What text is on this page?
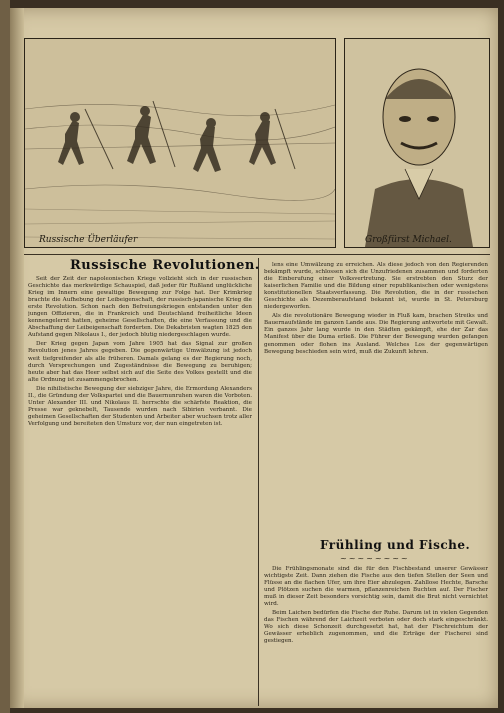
Russische Überläufer	Großfürst Michael.
Russische Revolutionen.

Seit der Zeit der napoleonischen Kriege vollzieht sich in der russischen Geschichte das merkwürdige Schauspiel, daß jeder für Rußland unglückliche Krieg im Innern eine gewaltige Bewegung zur Folge hat. Der Krimkrieg brachte die Aufhebung der Leibeigenschaft, der russisch-japanische Krieg die erste Revolution. Schon nach den Befreiungskriegen entstanden unter den jungen Offizieren, die in Frankreich und Deutschland freiheitliche Ideen kennengelernt hatten, geheime Gesellschaften, die eine Verfassung und die Abschaffung der Leibeigenschaft forderten. Die Dekabristen wagten 1825 den Aufstand gegen Nikolaus I., der jedoch blutig niedergeschlagen wurde.

Der Krieg gegen Japan vom Jahre 1905 hat das Signal zur großen Revolution jenes Jahres gegeben. Die gegenwärtige Umwälzung ist jedoch weit tiefgreifender als alle früheren. Damals gelang es der Regierung noch, durch Versprechungen und Zugeständnisse die Bewegung zu beruhigen; heute aber hat das Heer selbst sich auf die Seite des Volkes gestellt und die alte Ordnung ist zusammengebrochen.

Die nihilistische Bewegung der siebziger Jahre, die Ermordung Alexanders II., die Gründung der Volkspartei und die Bauernunruhen waren die Vorboten. Unter Alexander III. und Nikolaus II. herrschte die schärfste Reaktion, die Presse war geknebelt, Tausende wurden nach Sibirien verbannt. Die geheimen Gesellschaften der Studenten und Arbeiter aber wuchsen trotz aller Verfolgung und bereiteten den Umsturz vor, der nun eingetreten ist.

lens eine Umwälzung zu erreichen. Als diese jedoch von den Regierenden bekämpft wurde, schlossen sich die Unzufriedenen zusammen und forderten die Einberufung einer Volksvertretung. Sie erstrebten den Sturz der kaiserlichen Familie und die Bildung einer republikanischen oder wenigstens konstitutionellen Staatsverfassung. Die Revolution, die in der russischen Geschichte als Dezemberaufstand bekannt ist, wurde in St. Petersburg niedergeworfen.

Als die revolutionäre Bewegung wieder in Fluß kam, brachen Streiks und Bauernaufstände im ganzen Lande aus. Die Regierung antwortete mit Gewalt. Ein ganzes Jahr lang wurde in den Städten gekämpft, ehe der Zar das Manifest über die Duma erließ. Die Führer der Bewegung wurden gefangen genommen oder flohen ins Ausland. Welches Los der gegenwärtigen Bewegung beschieden sein wird, muß die Zukunft lehren.

Frühling und Fische.
~~~~~~~~

Die Frühlingsmonate sind die für den Fischbestand unserer Gewässer wichtigste Zeit. Dann ziehen die Fische aus den tiefen Stellen der Seen und Flüsse an die flachen Ufer, um ihre Eier abzulegen. Zahllose Hechte, Barsche und Plötzen suchen die warmen, pflanzenreichen Buchten auf. Der Fischer muß in dieser Zeit besonders vorsichtig sein, damit die Brut nicht vernichtet wird.

Beim Laichen bedürfen die Fische der Ruhe. Darum ist in vielen Gegenden das Fischen während der Laichzeit verboten oder doch stark eingeschränkt. Wo sich diese Schonzeit durchgesetzt hat, hat der Fischreichtum der Gewässer erheblich zugenommen, und die Erträge der Fischerei sind gestiegen.
